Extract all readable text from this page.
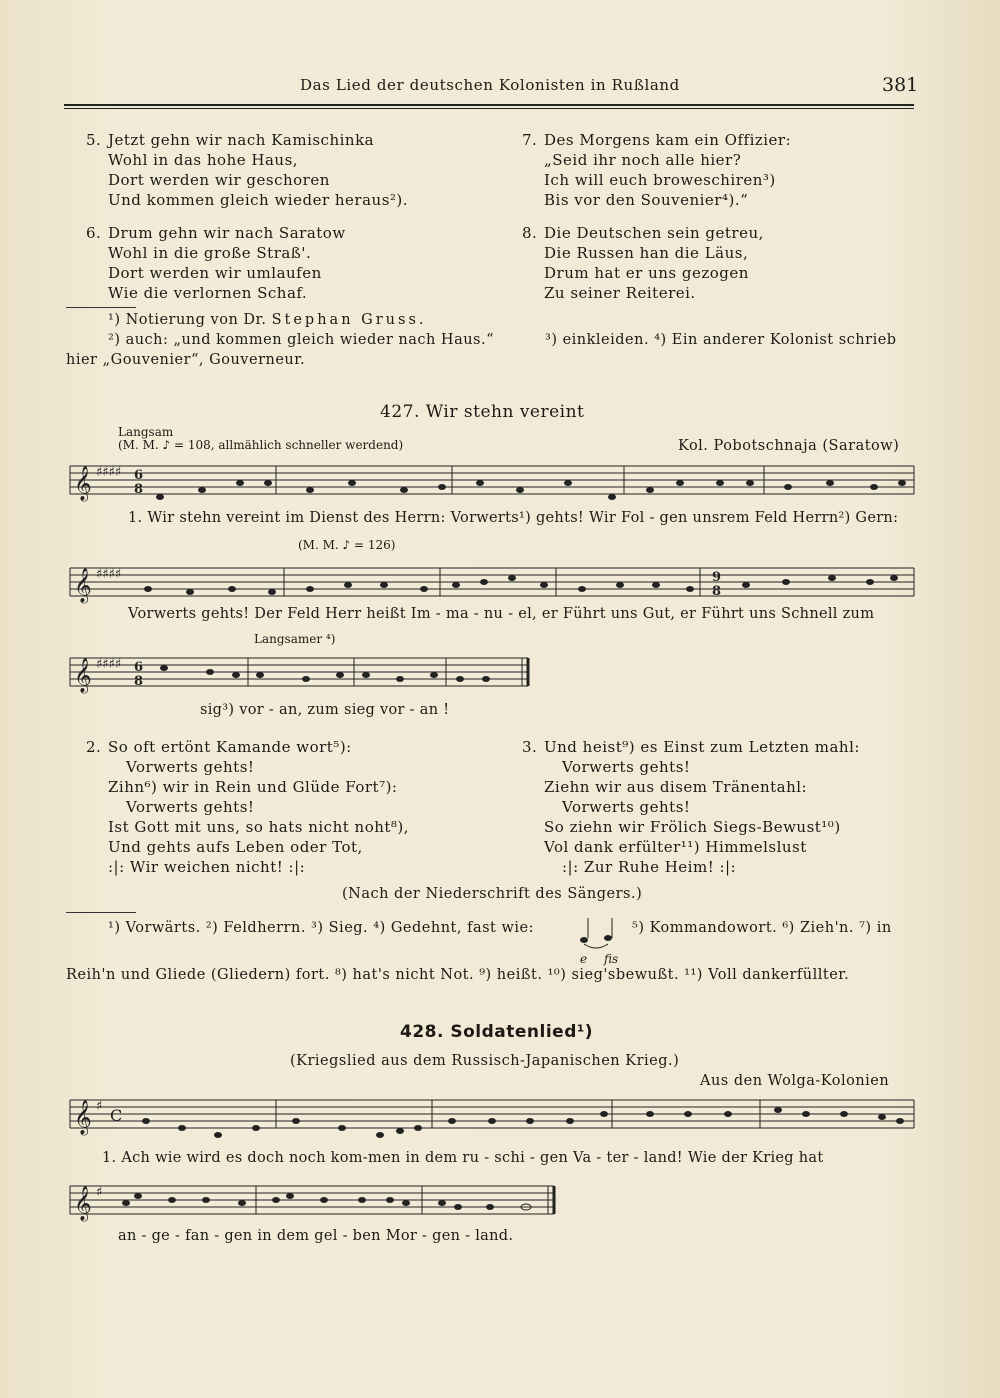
Das Lied der deutschen Kolonisten in Rußland	381
5. Jetzt gehn wir nach Kamischinka
Wohl in das hohe Haus,
Dort werden wir geschoren
Und kommen gleich wieder heraus²).
6. Drum gehn wir nach Saratow
Wohl in die große Straß'.
Dort werden wir umlaufen
Wie die verlornen Schaf.
7. Des Morgens kam ein Offizier:
„Seid ihr noch alle hier?
Ich will euch broweschiren³)
Bis vor den Souvenier⁴).“
8. Die Deutschen sein getreu,
Die Russen han die Läus,
Drum hat er uns gezogen
Zu seiner Reiterei.
¹) Notierung von Dr. Stephan Gruss.
²) auch: „und kommen gleich wieder nach Haus.“	³) einkleiden. ⁴) Ein anderer Kolonist schrieb
hier „Gouvenier“, Gouverneur.
427. Wir stehn vereint
Langsam
(M. M. ♪ = 108, allmählich schneller werdend)	Kol. Pobotschnaja (Saratow)
𝄞 ♯♯♯♯ 6
8
1. Wir stehn vereint im Dienst des Herrn: Vorwerts¹) gehts! Wir Fol - gen unsrem Feld Herrn²) Gern:
(M. M. ♪ = 126)
𝄞 ♯♯♯♯	9
8
Vorwerts gehts! Der Feld Herr heißt Im - ma - nu - el, er Führt uns Gut, er Führt uns Schnell zum
Langsamer ⁴)
𝄞 ♯♯♯♯ 6
8
sig³) vor - an, zum sieg vor - an !
2. So oft ertönt Kamande wort⁵):
Vorwerts gehts!
Zihn⁶) wir in Rein und Glüde Fort⁷):
Vorwerts gehts!
Ist Gott mit uns, so hats nicht noht⁸),
Und gehts aufs Leben oder Tot,
:|: Wir weichen nicht! :|:
3. Und heist⁹) es Einst zum Letzten mahl:
Vorwerts gehts!
Ziehn wir aus disem Tränentahl:
Vorwerts gehts!
So ziehn wir Frölich Siegs-Bewust¹⁰)
Vol dank erfülter¹¹) Himmelslust
:|: Zur Ruhe Heim! :|:
(Nach der Niederschrift des Sängers.)
¹) Vorwärts. ²) Feldherrn. ³) Sieg. ⁴) Gedehnt, fast wie:
e fis
⁵) Kommandowort. ⁶) Zieh'n. ⁷) in
Reih'n und Gliede (Gliedern) fort. ⁸) hat's nicht Not. ⁹) heißt. ¹⁰) sieg'sbewußt. ¹¹) Voll dankerfüllter.
428. Soldatenlied¹)
(Kriegslied aus dem Russisch-Japanischen Krieg.)
Aus den Wolga-Kolonien
𝄞 ♯ C
1. Ach wie wird es doch noch kom-men in dem ru - schi - gen Va - ter - land! Wie der Krieg hat
𝄞 ♯
an - ge - fan - gen in dem gel - ben Mor - gen - land.
